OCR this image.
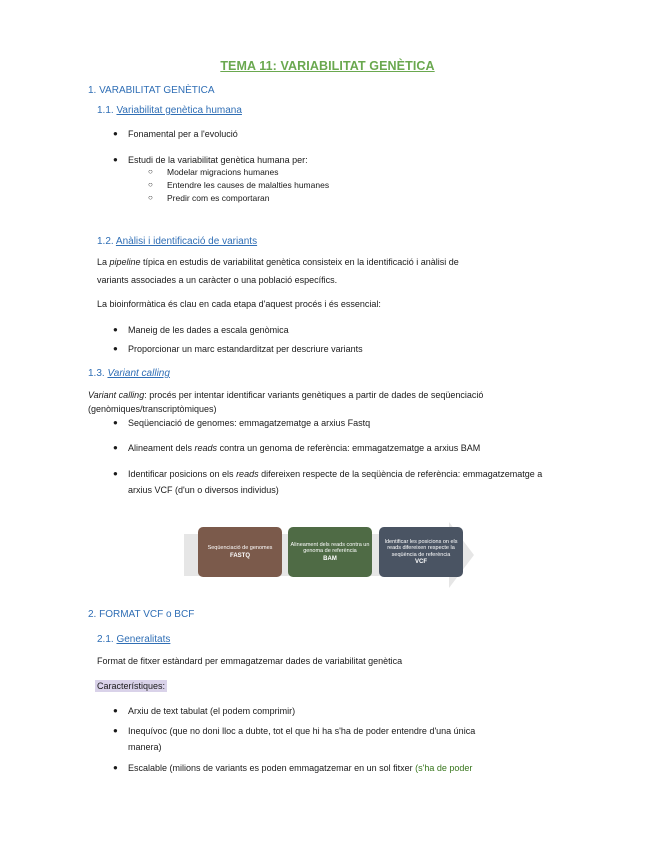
TEMA 11: VARIABILITAT GENÈTICA
1. VARABILITAT GENÈTICA
1.1. Variabilitat genètica humana
● Fonamental per a l'evolució
● Estudi de la variabilitat genètica humana per:
○ Modelar migracions humanes
○ Entendre les causes de malalties humanes
○ Predir com es comportaran
1.2. Anàlisi i identificació de variants
La pipeline típica en estudis de variabilitat genètica consisteix en la identificació i anàlisi de
variants associades a un caràcter o una població específics.
La bioinformàtica és clau en cada etapa d'aquest procés i és essencial:
● Maneig de les dades a escala genòmica
● Proporcionar un marc estandarditzat per descriure variants
1.3. Variant calling
Variant calling: procés per intentar identificar variants genètiques a partir de dades de seqüenciació
(genòmiques/transcriptòmiques)
● Seqüenciació de genomes: emmagatzematge a arxius Fastq
● Alineament dels reads contra un genoma de referència: emmagatzematge a arxius BAM
● Identificar posicions on els reads difereixen respecte de la seqüència de referència: emmagatzematge a
arxius VCF (d'un o diversos individus)
Seqüenciació de genomes
FASTQ
Alineament dels reads contra un genoma de referència
BAM
Identificar les posicions on els reads difereixen respecte la seqüència de referència
VCF
2. FORMAT VCF o BCF
2.1. Generalitats
Format de fitxer estàndard per emmagatzemar dades de variabilitat genètica
Característiques:
● Arxiu de text tabulat (el podem comprimir)
● Inequívoc (que no doni lloc a dubte, tot el que hi ha s'ha de poder entendre d'una única
manera)
● Escalable (milions de variants es poden emmagatzemar en un sol fitxer (s'ha de poder
